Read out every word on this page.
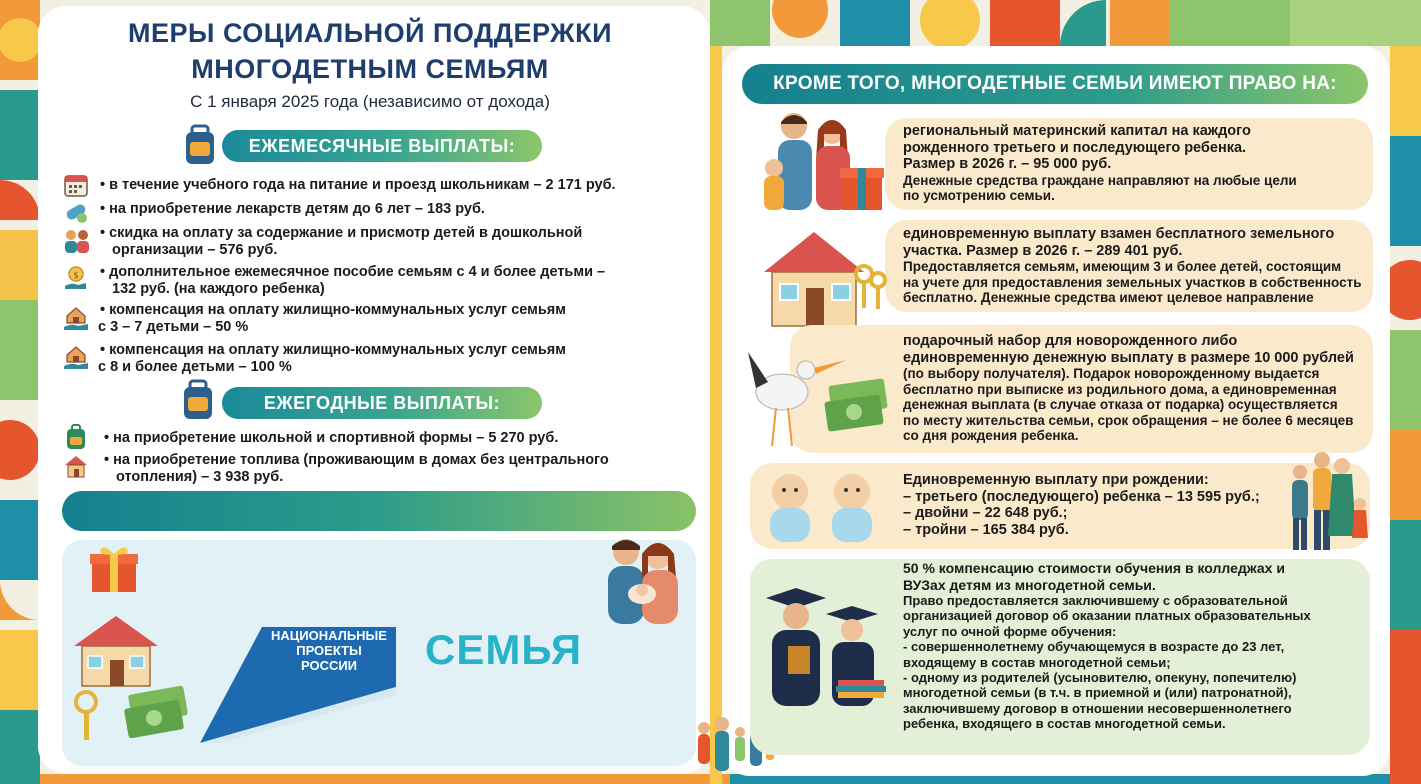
МЕРЫ СОЦИАЛЬНОЙ ПОДДЕРЖКИ
МНОГОДЕТНЫМ СЕМЬЯМ
С 1 января 2025 года (независимо от дохода)
ЕЖЕМЕСЯЧНЫЕ ВЫПЛАТЫ:
• в течение учебного года на питание и проезд школьникам – 2 171 руб.
• на приобретение лекарств детям до 6 лет – 183 руб.
• скидка на оплату за содержание и присмотр детей в дошкольной
организации – 576 руб.
$ • дополнительное ежемесячное пособие семьям с 4 и более детьми –
132 руб. (на каждого ребенка)
• компенсация на оплату жилищно-коммунальных услуг семьям
с 3 – 7 детьми – 50 %
• компенсация на оплату жилищно-коммунальных услуг семьям
с 8 и более детьми – 100 %
ЕЖЕГОДНЫЕ ВЫПЛАТЫ:
• на приобретение школьной и спортивной формы – 5 270 руб.
• на приобретение топлива (проживающим в домах без центрального
отопления) – 3 938 руб.
НАЦИОНАЛЬНЫЕ
ПРОЕКТЫ
РОССИИ	СЕМЬЯ
КРОМЕ ТОГО, МНОГОДЕТНЫЕ СЕМЬИ ИМЕЮТ ПРАВО НА:
региональный материнский капитал на каждого
рожденного третьего и последующего ребенка.
Размер в 2026 г. – 95 000 руб.
Денежные средства граждане направляют на любые цели
по усмотрению семьи.
единовременную выплату взамен бесплатного земельного
участка. Размер в 2026 г. – 289 401 руб.
Предоставляется семьям, имеющим 3 и более детей, состоящим
на учете для предоставления земельных участков в собственность
бесплатно. Денежные средства имеют целевое направление
подарочный набор для новорожденного либо
единовременную денежную выплату в размере 10 000 рублей
(по выбору получателя). Подарок новорожденному выдается
бесплатно при выписке из родильного дома, а единовременная
денежная выплата (в случае отказа от подарка) осуществляется
по месту жительства семьи, срок обращения – не более 6 месяцев
со дня рождения ребенка.
Единовременную выплату при рождении:
– третьего (последующего) ребенка – 13 595 руб.;
– двойни – 22 648 руб.;
– тройни – 165 384 руб.
50 % компенсацию стоимости обучения в колледжах и
ВУЗах детям из многодетной семьи.
Право предоставляется заключившему с образовательной
организацией договор об оказании платных образовательных
услуг по очной форме обучения:
- совершеннолетнему обучающемуся в возрасте до 23 лет,
входящему в состав многодетной семьи;
- одному из родителей (усыновителю, опекуну, попечителю)
многодетной семьи (в т.ч. в приемной и (или) патронатной),
заключившему договор в отношении несовершеннолетнего
ребенка, входящего в состав многодетной семьи.
